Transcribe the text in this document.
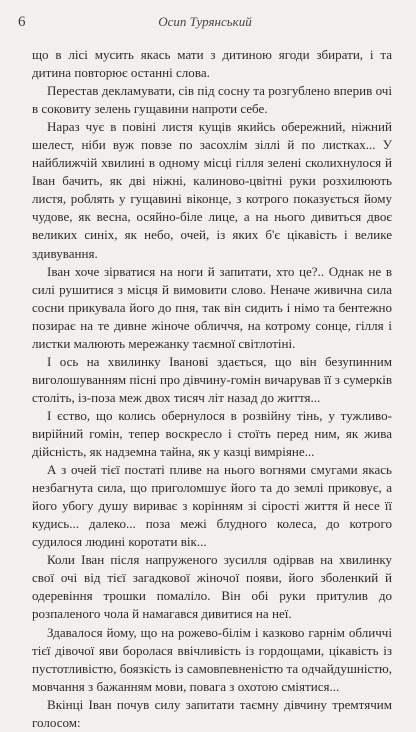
6	Осип Турянський

що в лісі мусить якась мати з дитиною ягоди збирати, і та дитина повторює останні слова.

Перестав декламувати, сів під сосну та розгублено вперив очі в соковиту зелень гущавини напроти себе.

Нараз чує в повіні листя кущів якийсь обережний, ніжний шелест, ніби вуж повзе по засохлім зіллі й по листках... У найближчій хвилині в одному місці гілля зелені сколихнулося й Іван бачить, як дві ніжні, калиново-цвітні руки розхилюють листя, роблять у гущавині віконце, з котрого показується йому чудове, як весна, осяйно-біле лице, а на нього дивиться двоє великих синіх, як небо, очей, із яких б'є цікавість і велике здивування.

Іван хоче зірватися на ноги й запитати, хто це?.. Однак не в силі рушитися з місця й вимовити слово. Неначе живична сила сосни прикувала його до пня, так він сидить і німо та бентежно позирає на те дивне жіноче обличчя, на котрому сонце, гілля і листки малюють мережанку таємної світлотіні.

І ось на хвилинку Іванові здається, що він безупинним виголошуванням пісні про дівчину-гомін вичарував її з сумерків століть, із-поза меж двох тисяч літ назад до життя...

І єство, що колись обернулося в розвійну тінь, у тужливо-вирійний гомін, тепер воскресло і стоїть перед ним, як жива дійсність, як надземна тайна, як у казці вимріяне...

А з очей тієї постаті пливе на нього вогнями смугами якась незбагнута сила, що приголомшує його та до землі приковує, а його убогу душу вириває з корінням зі сірості життя й несе її кудись... далеко... поза межі блудного колеса, до котрого судилося людині коротати вік...

Коли Іван після напруженого зусилля одірвав на хвилинку свої очі від тієї загадкової жіночої появи, його зболенкий й одеревіння трошки помаліло. Він обі руки притулив до розпаленого чола й намагався дивитися на неї.

Здавалося йому, що на рожево-білім і казково гарнім обличчі тієї дівочої яви боролася ввічливість із гордощами, цікавість із пустотливістю, боязкість із самовпевненістю та одчайдушністю, мовчання з бажанням мови, повага з охотою сміятися...

Вкінці Іван почув силу запитати таємну дівчину тремтячим голосом:
